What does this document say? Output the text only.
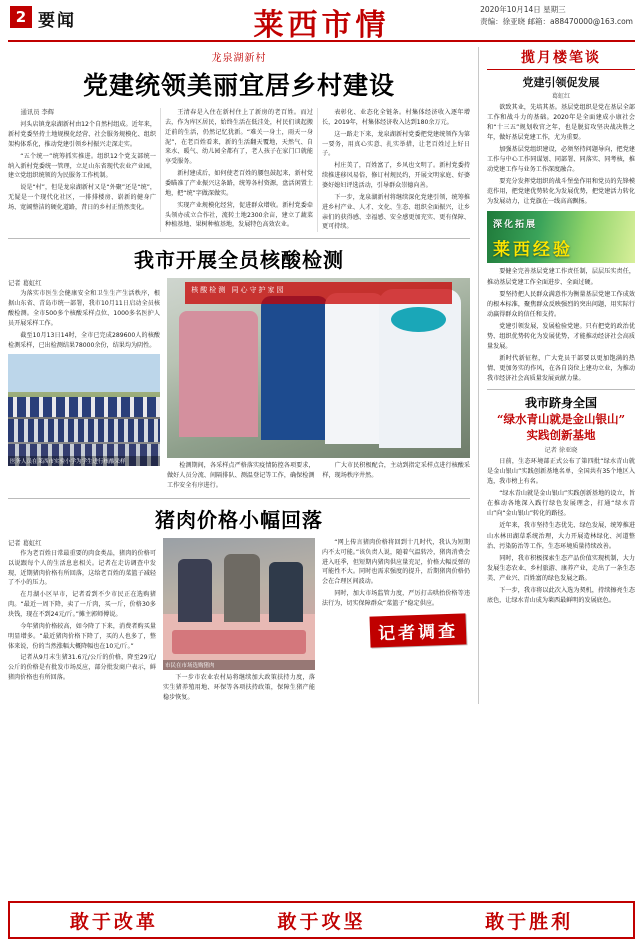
2 要闻	莱西市情	2020年10月14日 星期三
责编：徐亚晓 邮箱：a88470000@163.com
龙泉湖新村
党建统领美丽宜居乡村建设

通讯员 李辉

河头店镇龙泉湖新村由12个自然村组成。近年来，新村党委坚持土地规模化经营、社会服务规模化、组织架构体系化，推动党建引领乡村振兴走深走实。

“五个统一”统筹抓实推进。组织12个党支部统一纳入新村党委统一管理，立足山东省现代农业产业园，建立党组织统领的为民服务工作机制。

说是“村”，但是龙泉湖新村又是“外聚”还是“统”，无疑是一个现代化社区，一排排楼房、崭新的健身广场、宽阔整洁的硬化道路，昔日的乡村正悄然变化。

王清春是入住在新村住上了新房的老百姓。而过去，作为库区居民，始终生活在低洼处，村民们谈起搬迁前的生活，仍然记忆犹新。“难关一身土，雨天一身泥”，在老百姓看来，新的生活翻天覆地，天然气、自来水、暖气、幼儿园全都有了，老人孩子在家门口就能享受服务。

新村建成后，如何使老百姓的腰包鼓起来，新村党委瞄准了产业振兴这条路，统筹各村资源，盘活闲置土地，把“统”字做深做实。

实现产业规模化经营，促进群众增收。新村党委牵头领办成立合作社，流转土地2300余亩，建立了蔬菜种植基地、果树种植基地，发展特色高效农业。

表彰化、业态化全链条。村集体经济收入逐年增长，2019年，村集体经济收入达到180余万元。

这一路走下来，龙泉湖新村党委把党建统领作为第一要务，用真心实意、扎实举措，让老百姓过上好日子。

村庄美了，百姓富了，乡风也文明了。新村党委持续推进移风易俗，修订村规民约，开展文明家庭、好婆婆好媳妇评选活动，引导群众崇德向善。

下一步，龙泉湖新村将继续深化党建引领，统筹推进乡村产业、人才、文化、生态、组织全面振兴，让乡亲们的获得感、幸福感、安全感更加充实、更有保障、更可持续。

我市开展全员核酸检测
记者 葛虹红

为落实市医生会健康安全和卫生生产生活秩序，根据山东省、青岛市统一部署，我市10月11日启动全员核酸检测。全市500多个核酸采样点位、1000多名医护人员开展采样工作。

截至10月13日14时，全市已完成289600人的核酸检测采样，已出检测结果78000余份，结果均为阴性。

医务人员在莱西市实验小学为学生进行核酸采样
核酸检测 同心守护家园

检测期间，各采样点严格落实疫情防控各项要求，做好人员分流、间隔排队、测温登记等工作，确保检测工作安全有序进行。

广大市民积极配合，主动到指定采样点进行核酸采样，现场秩序井然。

猪肉价格小幅回落
记者 葛虹红

作为老百姓日常最重要的肉食类品，猪肉的价格可以说跟每个人的生活息息相关。记者在走访调查中发现，近期猪肉价格有所回落，这给老百姓的菜篮子减轻了不小的压力。

在月湖小区早市，记者看到不少市民正在选购猪肉。“最近一周下降，卖了一斤肉，买一斤，价格30多块钱，现在不到24元/斤。”摊主郭师傅说。

今年猪肉价格较高，如今降了下来，消费者购买量明显增多。“最近猪肉价格下降了，买的人也多了，整体来说，份的当然涨幅大概降幅也在10元/斤。”

记者从9月末生猪31.6元/公斤的价格，降至29元/公斤的价格是有批发市场反应，部分批发商户表示，鲜猪肉价格也有所回落。

市民在市场选购猪肉

下一步市农业农村局将继续加大政策扶持力度，落实生猪养殖用地、环保等各项扶持政策，保障生猪产能稳步恢复。

“网上传言猪肉价格将回到十几时代，我认为短期内不太可能。”该负责人说，随着气温转冷，猪肉消费会进入旺季，但短期内猪肉供应量充足，价格大幅反弹的可能性不大。同时也需求强度的提升，后期猪肉价格仍会在合理区间波动。

同时，加大市场监管力度，严厉打击哄抬价格等违法行为，切实保障群众“菜篮子”稳定供应。

记者调查
揽月楼笔谈
党建引领促发展
葛虹红

欲致其业，先培其基。基层党组织是党在基层全部工作和战斗力的基础。2020年是全面建成小康社会和“十三五”规划收官之年，也是脱贫攻坚决战决胜之年，做好基层党建工作，尤为重要。

加强基层党组织建设，必须坚持问题导向，把党建工作与中心工作同谋划、同部署、同落实、同考核，推动党建工作与业务工作深度融合。

要充分发挥党组织的战斗堡垒作用和党员的先锋模范作用，把党建优势转化为发展优势，把党建活力转化为发展动力，让党旗在一线高高飘扬。

深化拓展
莱西经验

要健全完善基层党建工作责任制，层层压实责任，推动基层党建工作全面进步、全面过硬。

要坚持把人民群众满意作为衡量基层党建工作成效的根本标准，聚焦群众反映强烈的突出问题，用实际行动赢得群众的信任和支持。

党建引领发展，发展检验党建。只有把党的政治优势、组织优势转化为发展优势，才能推动经济社会高质量发展。

新时代新征程，广大党员干部要以更加饱满的热情、更加务实的作风，在各自岗位上建功立业，为推动我市经济社会高质量发展贡献力量。

我市跻身全国
“绿水青山就是金山银山”
实践创新基地
记者 徐亚晓

日前，生态环境部正式公布了第四批“绿水青山就是金山银山”实践创新基地名单，全国共有35个地区入选，我市榜上有名。

“绿水青山就是金山银山”实践创新基地的设立，旨在推动各地深入践行绿色发展理念，打通“绿水青山”向“金山银山”转化的路径。

近年来，我市坚持生态优先、绿色发展，统筹推进山水林田湖草系统治理，大力开展造林绿化、河道整治、污染防治等工作，生态环境质量持续改善。

同时，我市积极探索生态产品价值实现机制，大力发展生态农业、乡村旅游、康养产业，走出了一条生态美、产业兴、百姓富的绿色发展之路。

下一步，我市将以此次入选为契机，持续擦亮生态底色，让绿水青山成为莱西最鲜明的发展底色。

敢于改革	敢于攻坚	敢于胜利
